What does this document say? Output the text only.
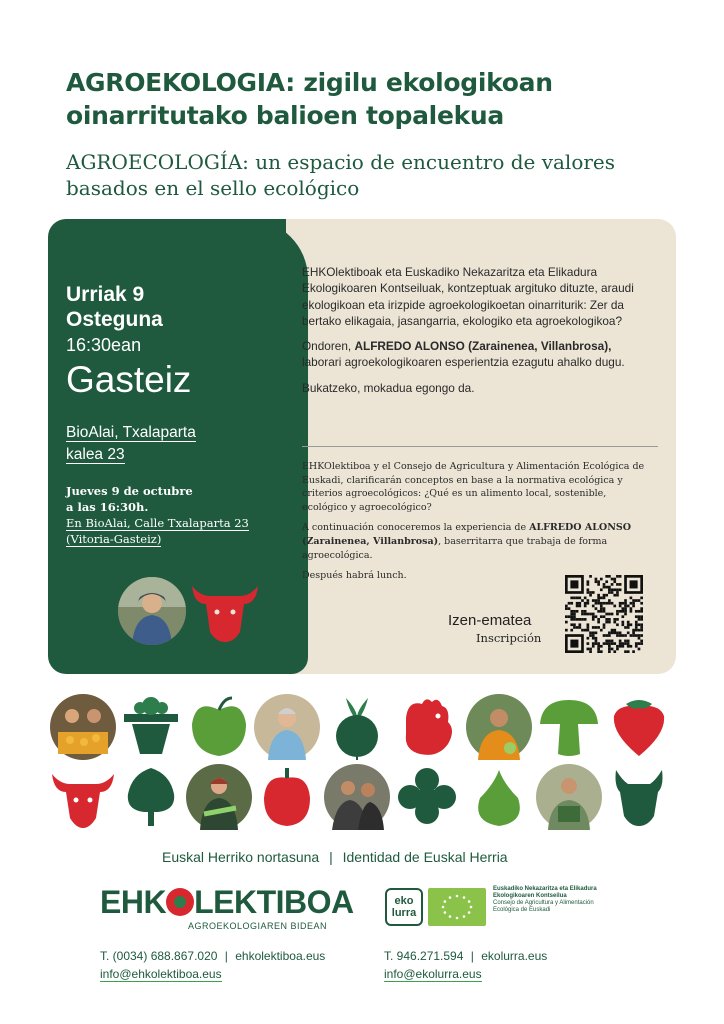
AGROEKOLOGIA: zigilu ekologikoan
oinarritutako balioen topalekua
AGROECOLOGÍA: un espacio de encuentro de valores
basados en el sello ecológico
Urriak 9
Osteguna
16:30ean
Gasteiz
BioAlai, Txalaparta
kalea 23
Jueves 9 de octubre
a las 16:30h.
En BioAlai, Calle Txalaparta 23
(Vitoria-Gasteiz)

EHKOlektiboak eta Euskadiko Nekazaritza eta Elikadura Ekologikoaren Kontseiluak, kontzeptuak argituko dituzte, araudi ekologikoan eta irizpide agroekologikoetan oinarriturik: Zer da bertako elikagaia, jasangarria, ekologiko eta agroekologikoa?

Ondoren, ALFREDO ALONSO (Zarainenea, Villanbrosa), laborari agroekologikoaren esperientzia ezagutu ahalko dugu.

Bukatzeko, mokadua egongo da.

EHKOlektiboa y el Consejo de Agricultura y Alimentación Ecológica de Euskadi, clarificarán conceptos en base a la normativa ecológica y criterios agroecológicos: ¿Qué es un alimento local, sostenible, ecológico y agroecológico?

A continuación conoceremos la experiencia de ALFREDO ALONSO (Zarainenea, Villanbrosa), baserritarra que trabaja de forma agroecológica.

Después habrá lunch.

Izen-ematea
Inscripción
Euskal Herriko nortasuna | Identidad de Euskal Herria
EHK LEKTIBOA
AGROEKOLOGIAREN BIDEAN
T. (0034) 688.867.020 | ehkolektiboa.eus
info@ehkolektiboa.eus
eko
lurra
Euskadiko Nekazaritza eta Elikadura Ekologikoaren Kontseilua
Consejo de Agricultura y Alimentación Ecológica de Euskadi
T. 946.271.594 | ekolurra.eus
info@ekolurra.eus
